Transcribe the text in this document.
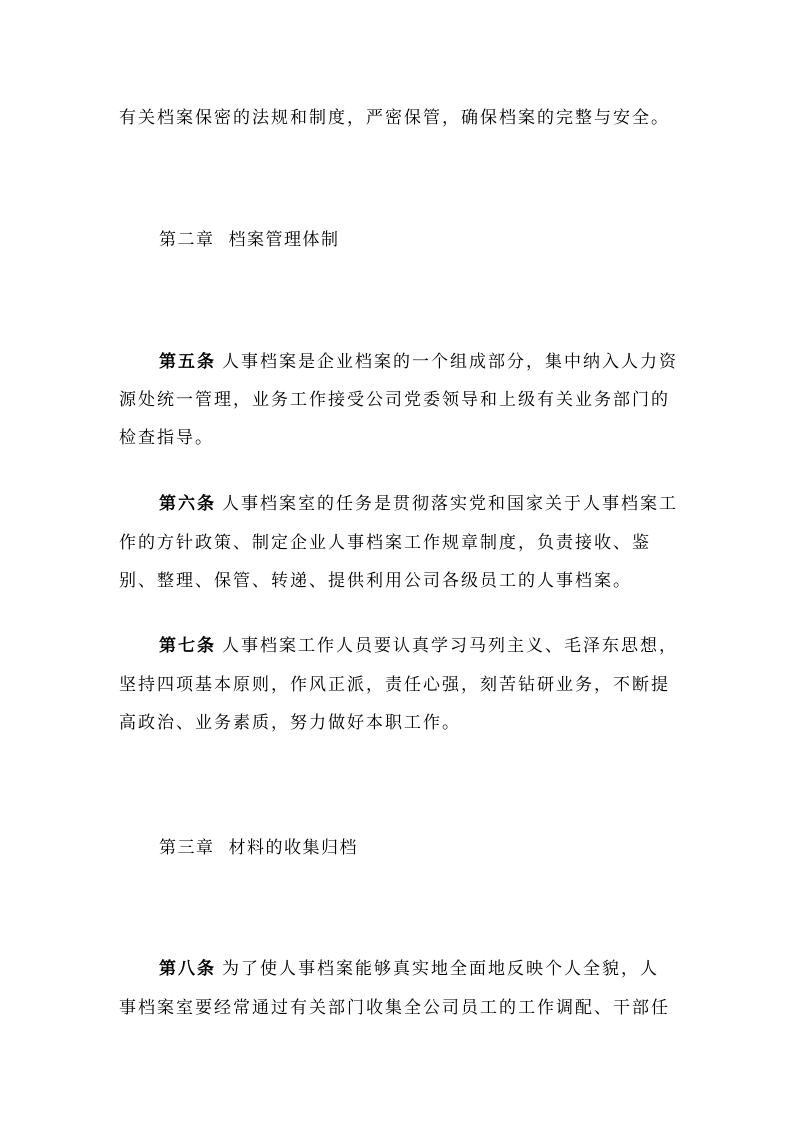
有关档案保密的法规和制度，严密保管，确保档案的完整与安全。
第二章 档案管理体制
第五条 人事档案是企业档案的一个组成部分，集中纳入人力资
源处统一管理，业务工作接受公司党委领导和上级有关业务部门的
检查指导。
第六条 人事档案室的任务是贯彻落实党和国家关于人事档案工
作的方针政策、制定企业人事档案工作规章制度，负责接收、鉴
别、整理、保管、转递、提供利用公司各级员工的人事档案。
第七条 人事档案工作人员要认真学习马列主义、毛泽东思想，
坚持四项基本原则，作风正派，责任心强，刻苦钻研业务，不断提
高政治、业务素质，努力做好本职工作。
第三章 材料的收集归档
第八条 为了使人事档案能够真实地全面地反映个人全貌，人
事档案室要经常通过有关部门收集全公司员工的工作调配、干部任
